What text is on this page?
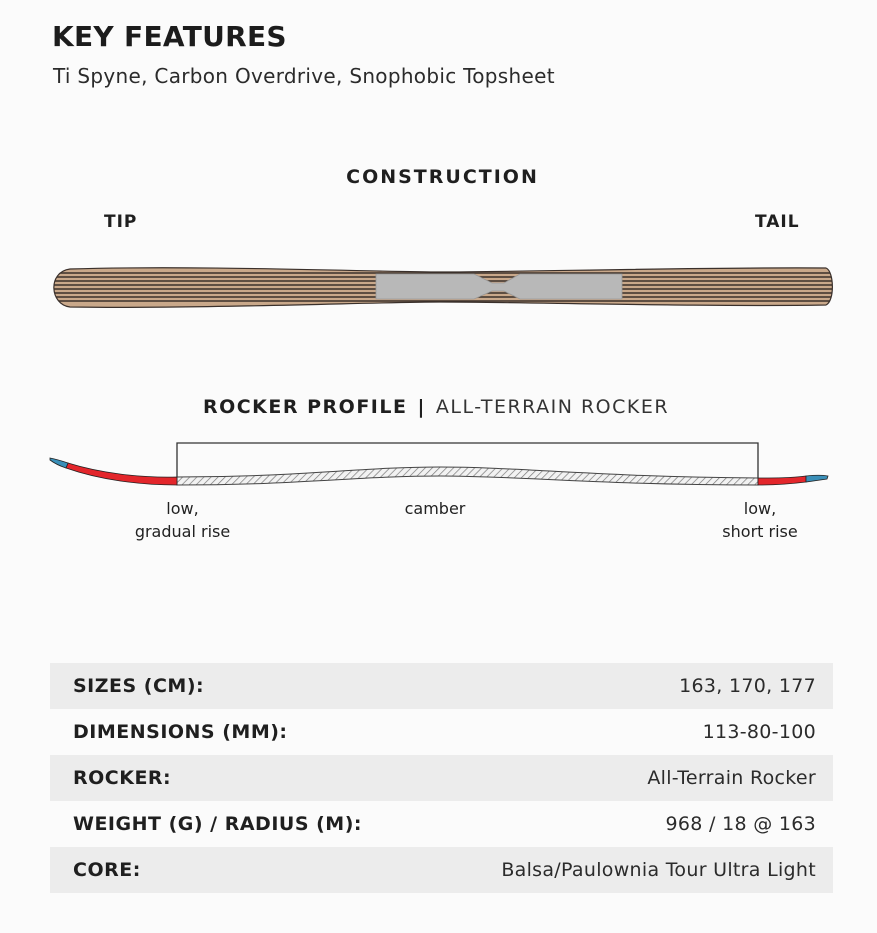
KEY FEATURES
Ti Spyne, Carbon Overdrive, Snophobic Topsheet
CONSTRUCTION
TIP	TAIL
ROCKER PROFILE | ALL-TERRAIN ROCKER
low,
gradual rise
camber	low,
short rise
SIZES (CM):	163, 170, 177
DIMENSIONS (MM):	113-80-100
ROCKER:	All-Terrain Rocker
WEIGHT (G) / RADIUS (M):	968 / 18 @ 163
CORE:	Balsa/Paulownia Tour Ultra Light
